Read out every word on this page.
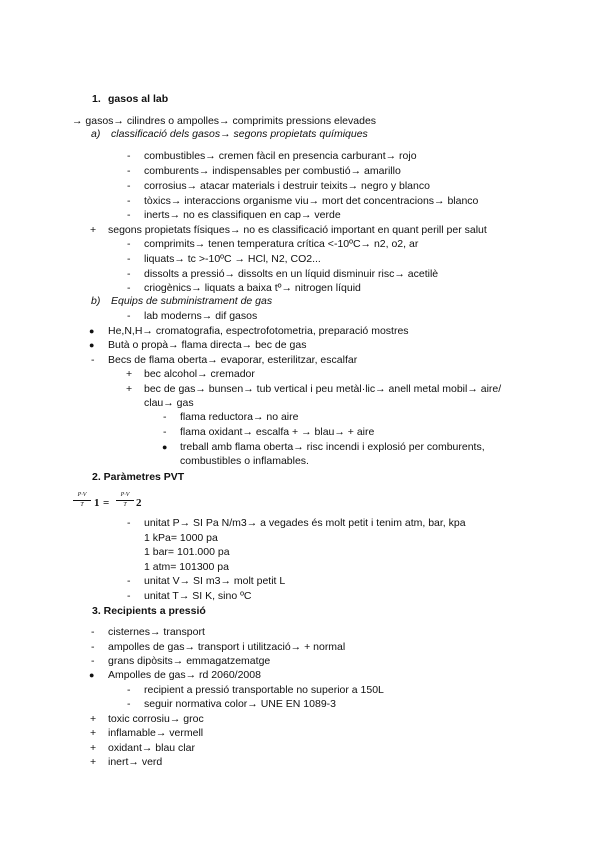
1. gasos al lab
→ gasos→ cilindres o ampolles→ comprimits pressions elevades
a) classificació dels gasos→ segons propietats químiques
- combustibles→ cremen fàcil en presencia carburant→ rojo
- comburents→ indispensables per combustió→ amarillo
- corrosius→ atacar materials i destruir teixits→ negro y blanco
- tòxics→ interaccions organisme viu→ mort det concentracions→ blanco
- inerts→ no es classifiquen en cap→ verde
+ segons propietats físiques→ no es classificació important en quant perill per salut
- comprimits→ tenen temperatura crítica <-10ºC→ n2, o2, ar
- liquats→ tc >-10ºC → HCl, N2, CO2...
- dissolts a pressió→ dissolts en un líquid disminuir risc→ acetilè
- criogènics→ liquats a baixa tº→ nitrogen líquid
b) Equips de subministrament de gas
- lab moderns→ dif gasos
● He,N,H→ cromatografia, espectrofotometria, preparació mostres
● Butà o propà→ flama directa→ bec de gas
- Becs de flama oberta→ evaporar, esterilitzar, escalfar
+ bec alcohol→ cremador
+ bec de gas→ bunsen→ tub vertical i peu metàl·lic→ anell metal mobil→ aire/
clau→ gas
- flama reductora→ no aire
- flama oxidant→ escalfa + → blau→ + aire
● treball amb flama oberta→ risc incendi i explosió per comburents,
combustibles o inflamables.
2. Paràmetres PVT
P·V
T 1 =
P·V
T 2
- unitat P→ SI Pa N/m3→ a vegades és molt petit i tenim atm, bar, kpa
1 kPa= 1000 pa
1 bar= 101.000 pa
1 atm= 101300 pa
- unitat V→ SI m3→ molt petit L
- unitat T→ SI K, sino ºC
3. Recipients a pressió
- cisternes→ transport
- ampolles de gas→ transport i utilització→ + normal
- grans dipòsits→ emmagatzematge
● Ampolles de gas→ rd 2060/2008
- recipient a pressió transportable no superior a 150L
- seguir normativa color→ UNE EN 1089-3
+ toxic corrosiu→ groc
+ inflamable→ vermell
+ oxidant→ blau clar
+ inert→ verd
